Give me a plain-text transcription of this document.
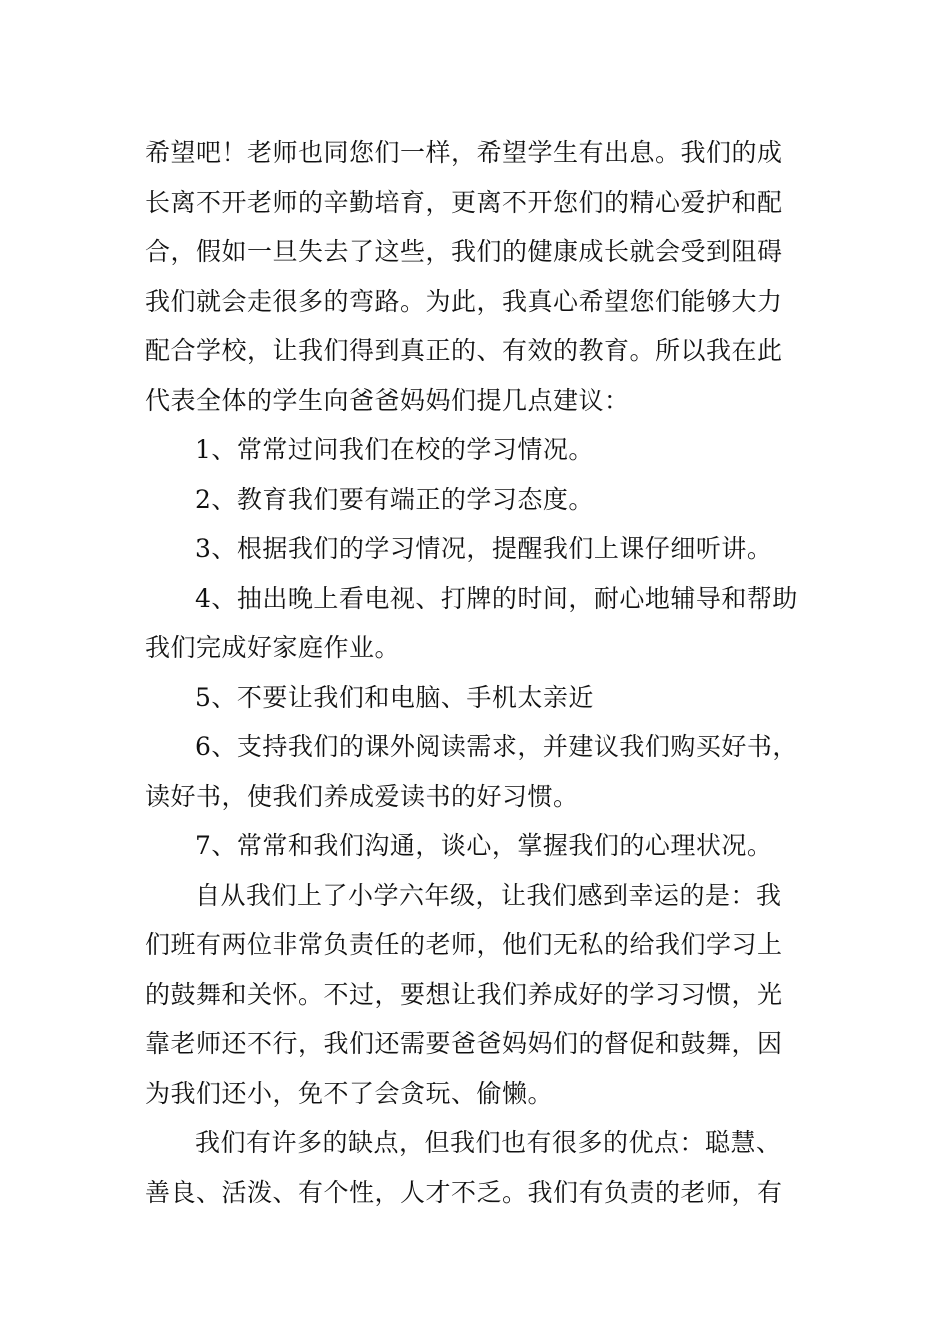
希望吧！老师也同您们一样，希望学生有出息。我们的成
长离不开老师的辛勤培育，更离不开您们的精心爱护和配
合，假如一旦失去了这些，我们的健康成长就会受到阻碍
我们就会走很多的弯路。为此，我真心希望您们能够大力
配合学校，让我们得到真正的、有效的教育。所以我在此
代表全体的学生向爸爸妈妈们提几点建议：
1、常常过问我们在校的学习情况。
2、教育我们要有端正的学习态度。
3、根据我们的学习情况，提醒我们上课仔细听讲。
4、抽出晚上看电视、打牌的时间，耐心地辅导和帮助
我们完成好家庭作业。
5、不要让我们和电脑、手机太亲近
6、支持我们的课外阅读需求，并建议我们购买好书，
读好书，使我们养成爱读书的好习惯。
7、常常和我们沟通，谈心，掌握我们的心理状况。
自从我们上了小学六年级，让我们感到幸运的是：我
们班有两位非常负责任的老师，他们无私的给我们学习上
的鼓舞和关怀。不过，要想让我们养成好的学习习惯，光
靠老师还不行，我们还需要爸爸妈妈们的督促和鼓舞，因
为我们还小，免不了会贪玩、偷懒。
我们有许多的缺点，但我们也有很多的优点：聪慧、
善良、活泼、有个性，人才不乏。我们有负责的老师，有
